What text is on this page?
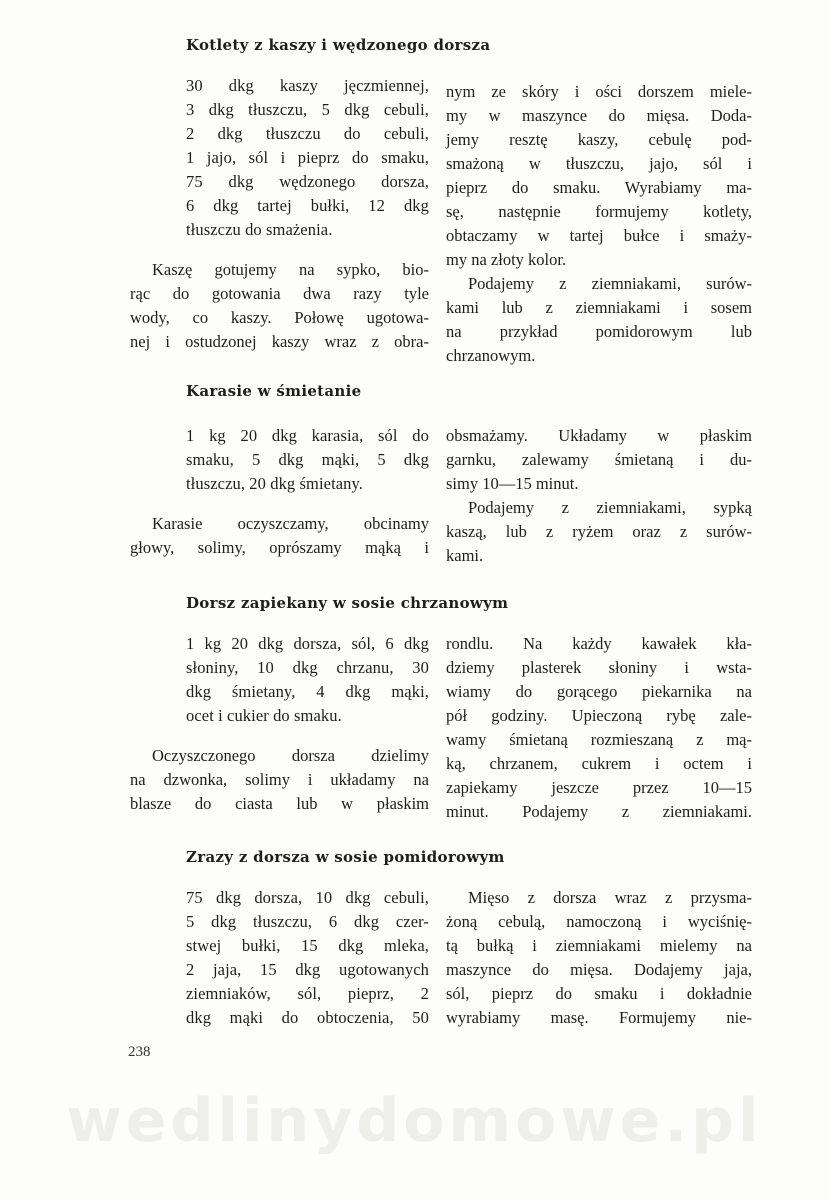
Kotlety z kaszy i wędzonego dorsza
30 dkg kaszy jęczmiennej,
3 dkg tłuszczu, 5 dkg cebuli,
2 dkg tłuszczu do cebuli,
1 jajo, sól i pieprz do smaku,
75 dkg wędzonego dorsza,
6 dkg tartej bułki, 12 dkg
tłuszczu do smażenia.
Kaszę gotujemy na sypko, bio-
rąc do gotowania dwa razy tyle
wody, co kaszy. Połowę ugotowa-
nej i ostudzonej kaszy wraz z obra-
nym ze skóry i ości dorszem miele-
my w maszynce do mięsa. Doda-
jemy resztę kaszy, cebulę pod-
smażoną w tłuszczu, jajo, sól i
pieprz do smaku. Wyrabiamy ma-
sę, następnie formujemy kotlety,
obtaczamy w tartej bułce i smaży-
my na złoty kolor.
Podajemy z ziemniakami, surów-
kami lub z ziemniakami i sosem
na przykład pomidorowym lub
chrzanowym.
Karasie w śmietanie
1 kg 20 dkg karasia, sól do
smaku, 5 dkg mąki, 5 dkg
tłuszczu, 20 dkg śmietany.
Karasie oczyszczamy, obcinamy
głowy, solimy, oprószamy mąką i
obsmażamy. Układamy w płaskim
garnku, zalewamy śmietaną i du-
simy 10—15 minut.
Podajemy z ziemniakami, sypką
kaszą, lub z ryżem oraz z surów-
kami.
Dorsz zapiekany w sosie chrzanowym
1 kg 20 dkg dorsza, sól, 6 dkg
słoniny, 10 dkg chrzanu, 30
dkg śmietany, 4 dkg mąki,
ocet i cukier do smaku.
Oczyszczonego dorsza dzielimy
na dzwonka, solimy i układamy na
blasze do ciasta lub w płaskim
rondlu. Na każdy kawałek kła-
dziemy plasterek słoniny i wsta-
wiamy do gorącego piekarnika na
pół godziny. Upieczoną rybę zale-
wamy śmietaną rozmieszaną z mą-
ką, chrzanem, cukrem i octem i
zapiekamy jeszcze przez 10—15
minut. Podajemy z ziemniakami.
Zrazy z dorsza w sosie pomidorowym
75 dkg dorsza, 10 dkg cebuli,
5 dkg tłuszczu, 6 dkg czer-
stwej bułki, 15 dkg mleka,
2 jaja, 15 dkg ugotowanych
ziemniaków, sól, pieprz, 2
dkg mąki do obtoczenia, 50
Mięso z dorsza wraz z przysma-
żoną cebulą, namoczoną i wyciśnię-
tą bułką i ziemniakami mielemy na
maszynce do mięsa. Dodajemy jaja,
sól, pieprz do smaku i dokładnie
wyrabiamy masę. Formujemy nie-
238
wedlinydomowe.pl
